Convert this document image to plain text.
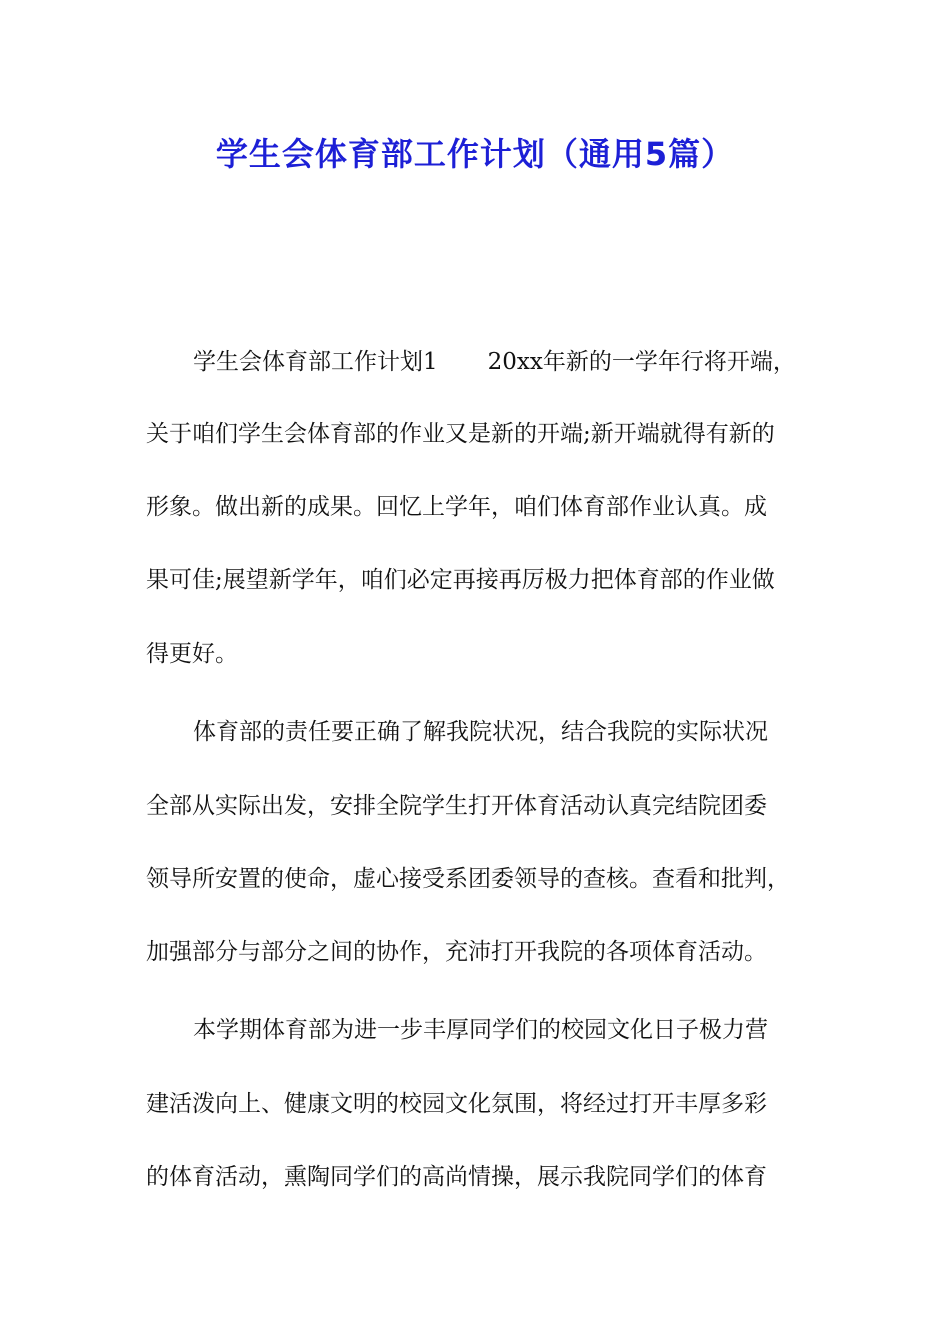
学生会体育部工作计划（通用5篇）
学生会体育部工作计划1 20xx年新的一学年行将开端，

关于咱们学生会体育部的作业又是新的开端;新开端就得有新的

形象。做出新的成果。回忆上学年，咱们体育部作业认真。成

果可佳;展望新学年，咱们必定再接再厉极力把体育部的作业做

得更好。

体育部的责任要正确了解我院状况，结合我院的实际状况

全部从实际出发，安排全院学生打开体育活动认真完结院团委

领导所安置的使命，虚心接受系团委领导的查核。查看和批判，

加强部分与部分之间的协作，充沛打开我院的各项体育活动。

本学期体育部为进一步丰厚同学们的校园文化日子极力营

建活泼向上、健康文明的校园文化氛围，将经过打开丰厚多彩

的体育活动，熏陶同学们的高尚情操，展示我院同学们的体育
